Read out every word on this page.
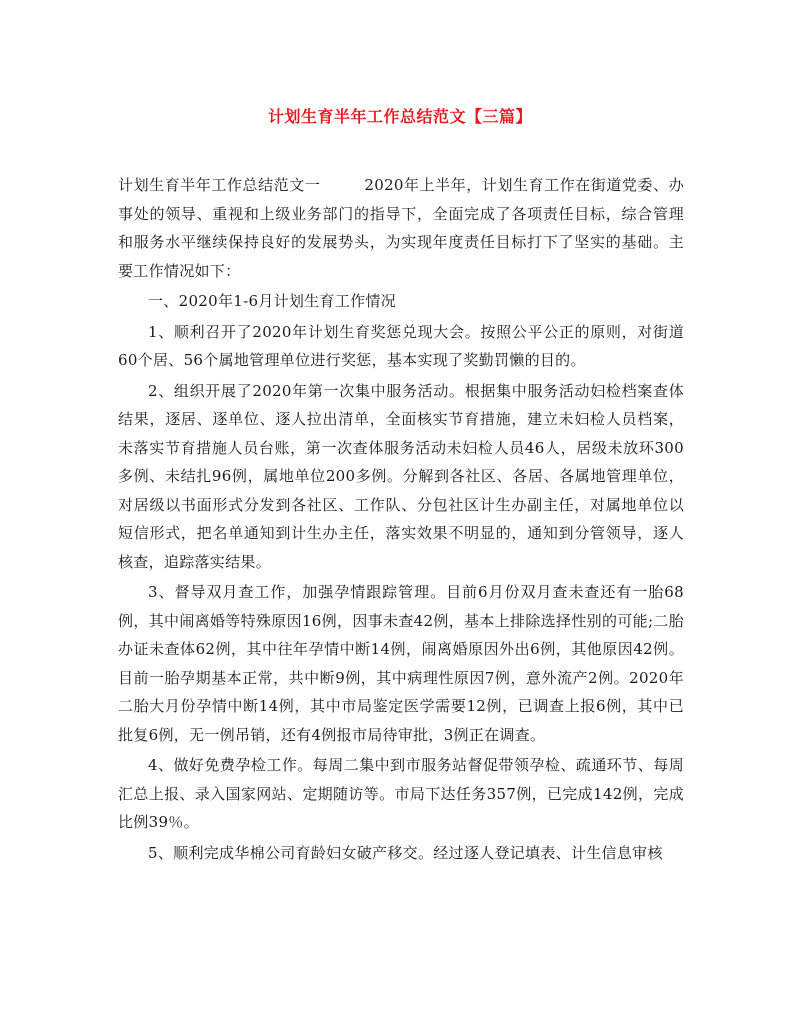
计划生育半年工作总结范文【三篇】

计划生育半年工作总结范文一	2020年上半年，计划生育工作在街道党委、办事处的领导、重视和上级业务部门的指导下，全面完成了各项责任目标，综合管理和服务水平继续保持良好的发展势头，为实现年度责任目标打下了坚实的基础。主要工作情况如下：

一、2020年1-6月计划生育工作情况

1、顺利召开了2020年计划生育奖惩兑现大会。按照公平公正的原则，对街道60个居、56个属地管理单位进行奖惩，基本实现了奖勤罚懒的目的。

2、组织开展了2020年第一次集中服务活动。根据集中服务活动妇检档案查体结果，逐居、逐单位、逐人拉出清单，全面核实节育措施，建立未妇检人员档案，未落实节育措施人员台账，第一次查体服务活动未妇检人员46人，居级未放环300多例、未结扎96例，属地单位200多例。分解到各社区、各居、各属地管理单位，对居级以书面形式分发到各社区、工作队、分包社区计生办副主任，对属地单位以短信形式，把名单通知到计生办主任，落实效果不明显的，通知到分管领导，逐人核查，追踪落实结果。

3、督导双月查工作，加强孕情跟踪管理。目前6月份双月查未查还有一胎68例，其中闹离婚等特殊原因16例，因事未查42例，基本上排除选择性别的可能;二胎办证未查体62例，其中往年孕情中断14例，闹离婚原因外出6例，其他原因42例。目前一胎孕期基本正常，共中断9例，其中病理性原因7例，意外流产2例。2020年二胎大月份孕情中断14例，其中市局鉴定医学需要12例，已调查上报6例，其中已批复6例，无一例吊销，还有4例报市局待审批，3例正在调查。

4、做好免费孕检工作。每周二集中到市服务站督促带领孕检、疏通环节、每周汇总上报、录入国家网站、定期随访等。市局下达任务357例，已完成142例，完成比例39％。

5、顺利完成华棉公司育龄妇女破产移交。经过逐人登记填表、计生信息审核
